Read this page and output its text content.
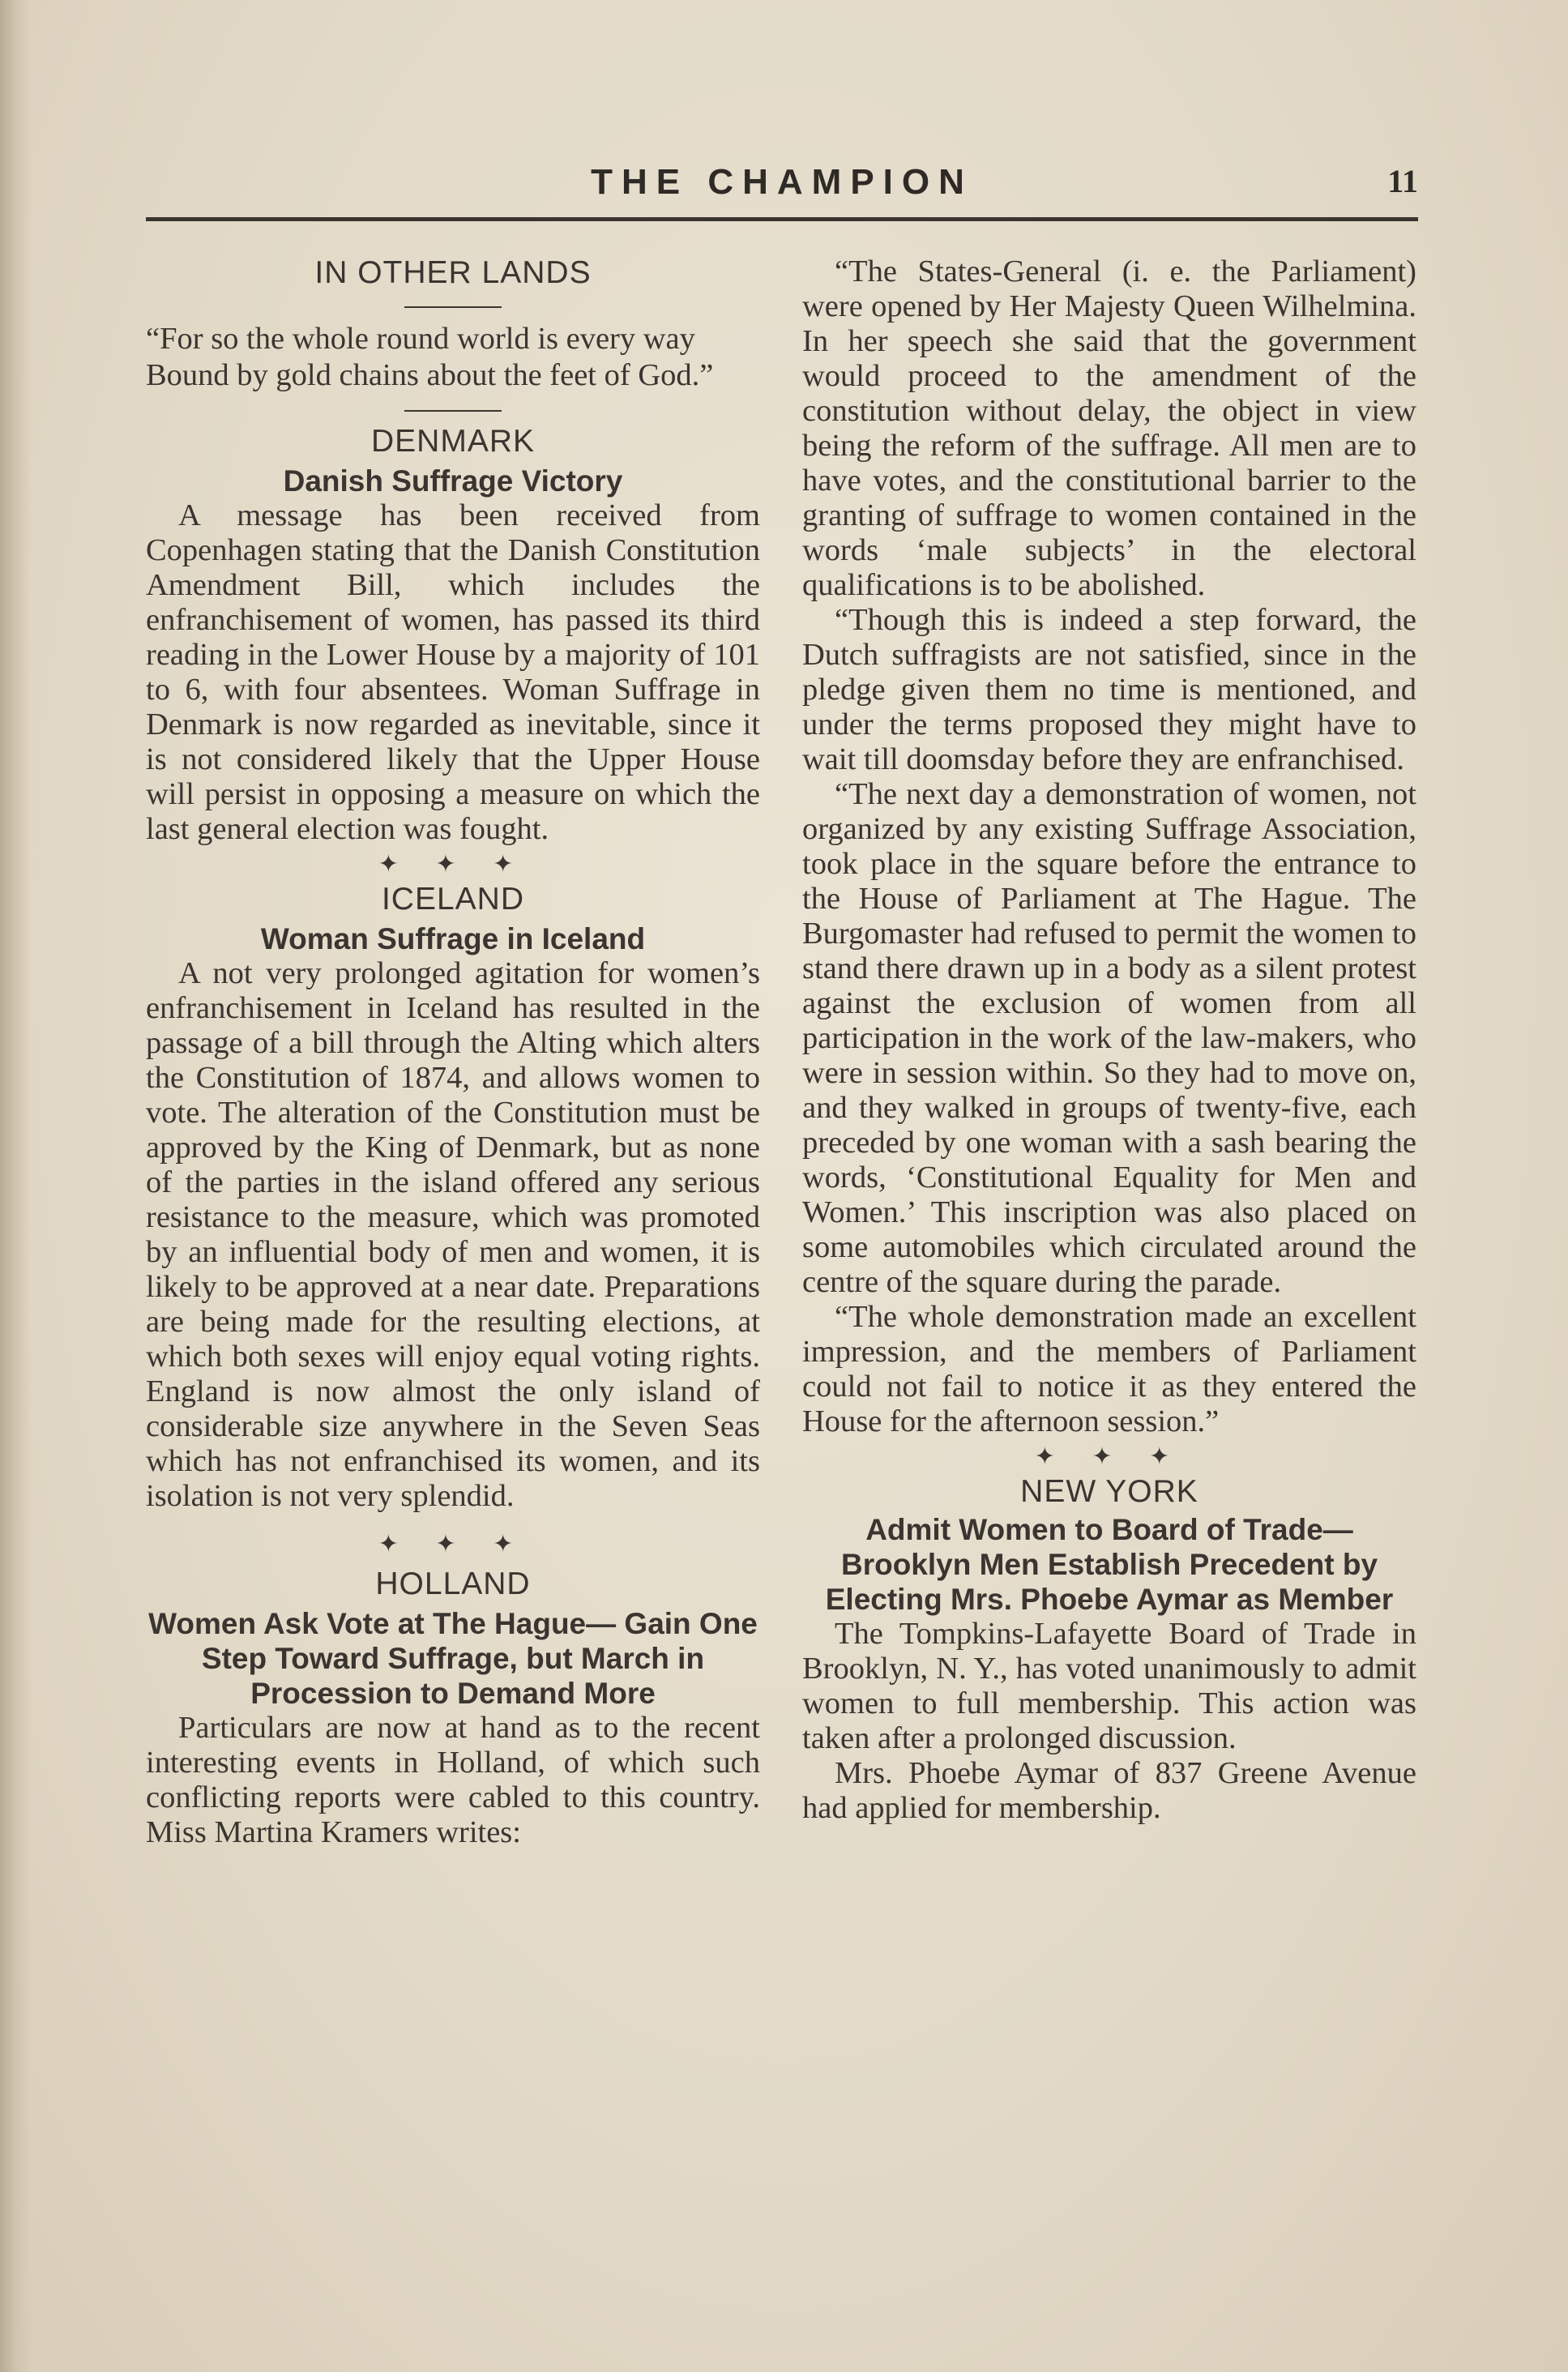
THE CHAMPION	11
IN OTHER LANDS

“For so the whole round world is every way
Bound by gold chains about the feet of God.”

DENMARK
Danish Suffrage Victory

A message has been received from Copenhagen stating that the Danish Constitution Amendment Bill, which includes the enfranchisement of women, has passed its third reading in the Lower House by a majority of 101 to 6, with four absentees. Woman Suffrage in Denmark is now regarded as inevitable, since it is not considered likely that the Upper House will persist in opposing a measure on which the last general election was fought.

✦ ✦ ✦
ICELAND
Woman Suffrage in Iceland

A not very prolonged agitation for women’s enfranchisement in Iceland has resulted in the passage of a bill through the Alting which alters the Constitution of 1874, and allows women to vote. The alteration of the Constitution must be approved by the King of Denmark, but as none of the parties in the island offered any serious resistance to the measure, which was promoted by an influential body of men and women, it is likely to be approved at a near date. Preparations are being made for the resulting elections, at which both sexes will enjoy equal voting rights. England is now almost the only island of considerable size anywhere in the Seven Seas which has not enfranchised its women, and its isolation is not very splendid.

✦ ✦ ✦
HOLLAND
Women Ask Vote at The Hague— Gain One Step Toward Suffrage, but March in Procession to Demand More

Particulars are now at hand as to the recent interesting events in Holland, of which such conflicting reports were cabled to this country. Miss Martina Kramers writes:

“The States-General (i. e. the Parliament) were opened by Her Majesty Queen Wilhelmina. In her speech she said that the government would proceed to the amendment of the constitution without delay, the object in view being the reform of the suffrage. All men are to have votes, and the constitutional barrier to the granting of suffrage to women contained in the words ‘male subjects’ in the electoral qualifications is to be abolished.

“Though this is indeed a step forward, the Dutch suffragists are not satisfied, since in the pledge given them no time is mentioned, and under the terms proposed they might have to wait till doomsday before they are enfranchised.

“The next day a demonstration of women, not organized by any existing Suffrage Association, took place in the square before the entrance to the House of Parliament at The Hague. The Burgomaster had refused to permit the women to stand there drawn up in a body as a silent protest against the exclusion of women from all participation in the work of the law-makers, who were in session within. So they had to move on, and they walked in groups of twenty-five, each preceded by one woman with a sash bearing the words, ‘Constitutional Equality for Men and Women.’ This inscription was also placed on some automobiles which circulated around the centre of the square during the parade.

“The whole demonstration made an excellent impression, and the members of Parliament could not fail to notice it as they entered the House for the afternoon session.”

✦ ✦ ✦
NEW YORK
Admit Women to Board of Trade— Brooklyn Men Establish Precedent by Electing Mrs. Phoebe Aymar as Member

The Tompkins-Lafayette Board of Trade in Brooklyn, N. Y., has voted unanimously to admit women to full membership. This action was taken after a prolonged discussion.

Mrs. Phoebe Aymar of 837 Greene Avenue had applied for membership.
